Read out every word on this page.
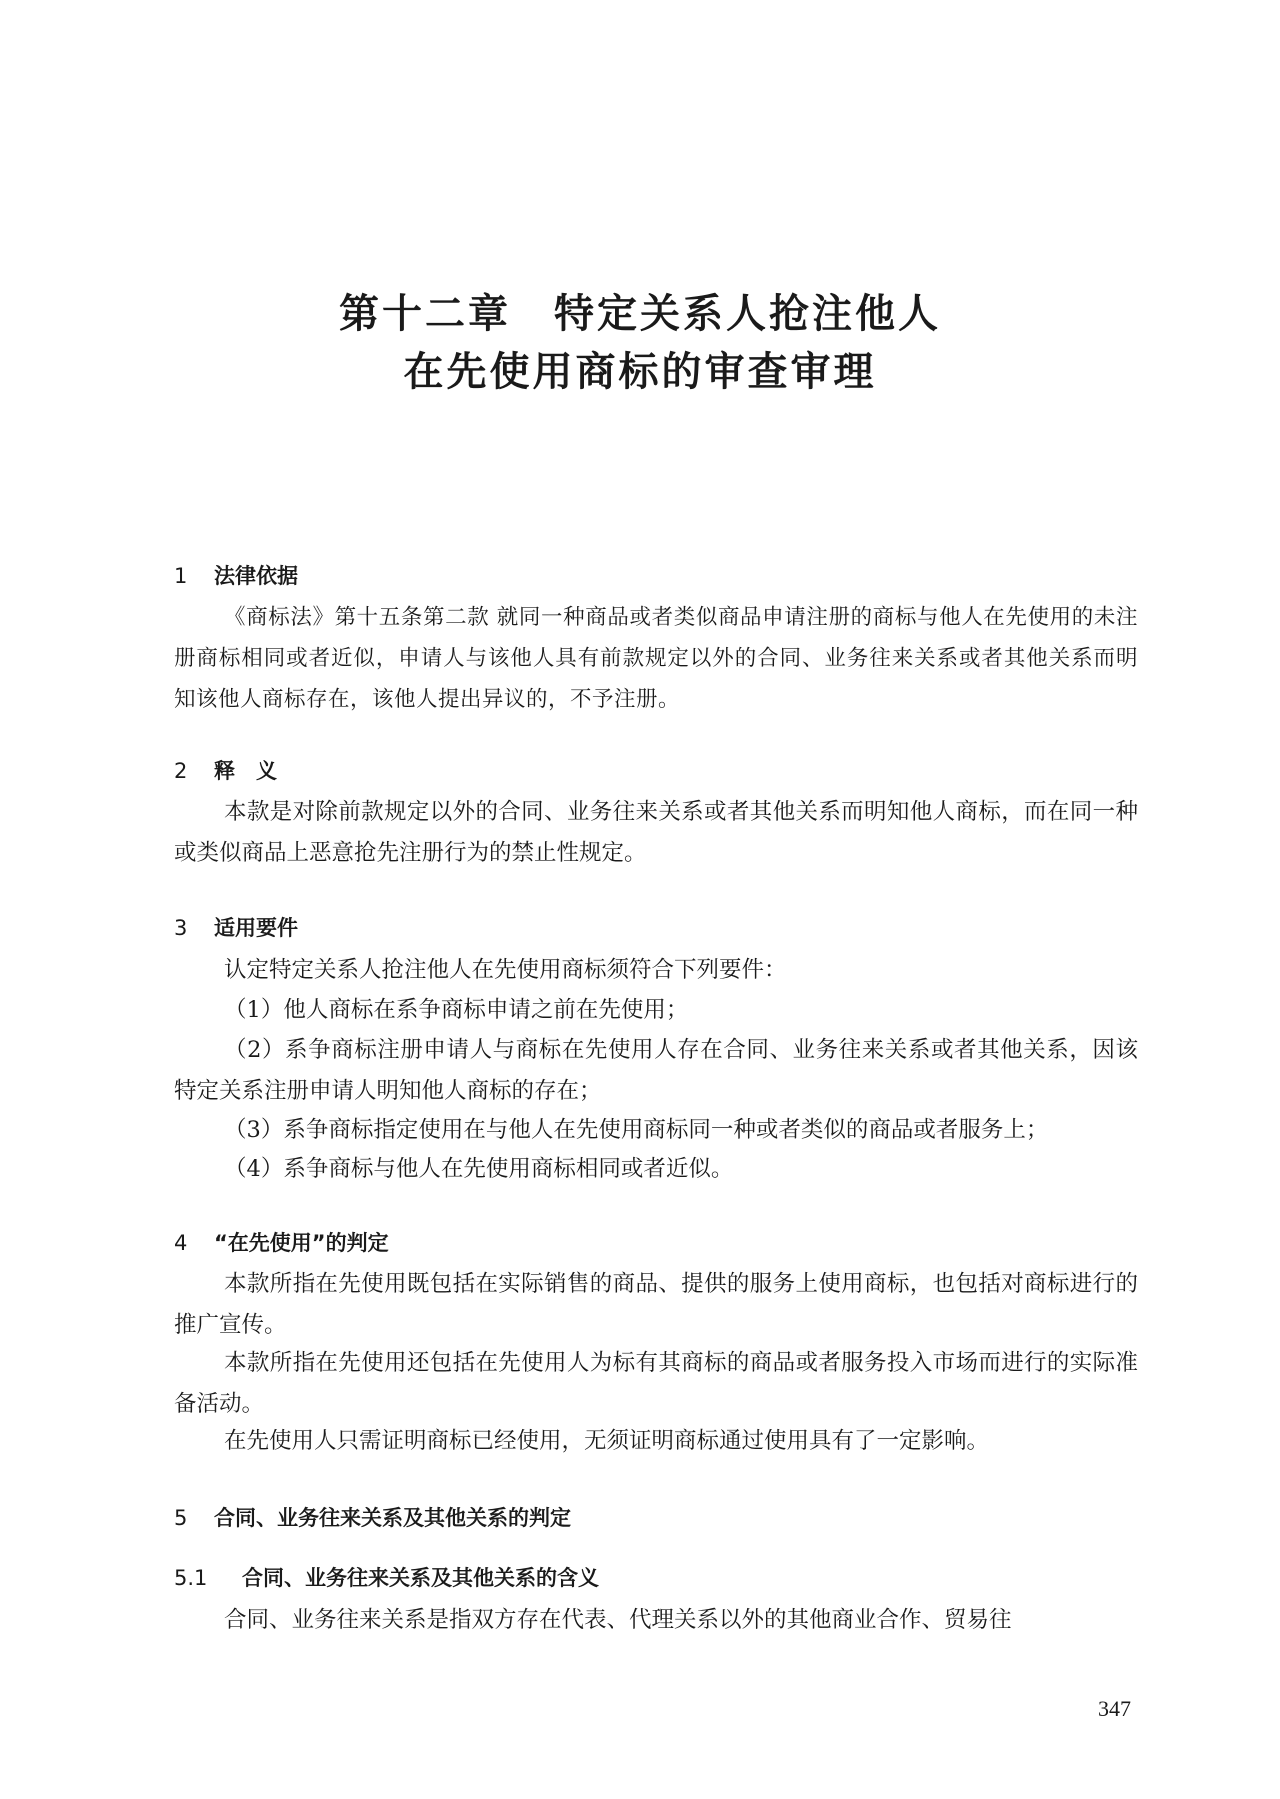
第十二章　特定关系人抢注他人
在先使用商标的审查审理
1 法律依据

《商标法》第十五条第二款 就同一种商品或者类似商品申请注册的商标与他人在先使用的未注册商标相同或者近似，申请人与该他人具有前款规定以外的合同、业务往来关系或者其他关系而明知该他人商标存在，该他人提出异议的，不予注册。

2 释　义

本款是对除前款规定以外的合同、业务往来关系或者其他关系而明知他人商标，而在同一种或类似商品上恶意抢先注册行为的禁止性规定。

3 适用要件

认定特定关系人抢注他人在先使用商标须符合下列要件：

（1）他人商标在系争商标申请之前在先使用；

（2）系争商标注册申请人与商标在先使用人存在合同、业务往来关系或者其他关系，因该特定关系注册申请人明知他人商标的存在；

（3）系争商标指定使用在与他人在先使用商标同一种或者类似的商品或者服务上；

（4）系争商标与他人在先使用商标相同或者近似。

4 “在先使用”的判定

本款所指在先使用既包括在实际销售的商品、提供的服务上使用商标，也包括对商标进行的推广宣传。

本款所指在先使用还包括在先使用人为标有其商标的商品或者服务投入市场而进行的实际准备活动。

在先使用人只需证明商标已经使用，无须证明商标通过使用具有了一定影响。

5 合同、业务往来关系及其他关系的判定
5.1 合同、业务往来关系及其他关系的含义

合同、业务往来关系是指双方存在代表、代理关系以外的其他商业合作、贸易往

347
